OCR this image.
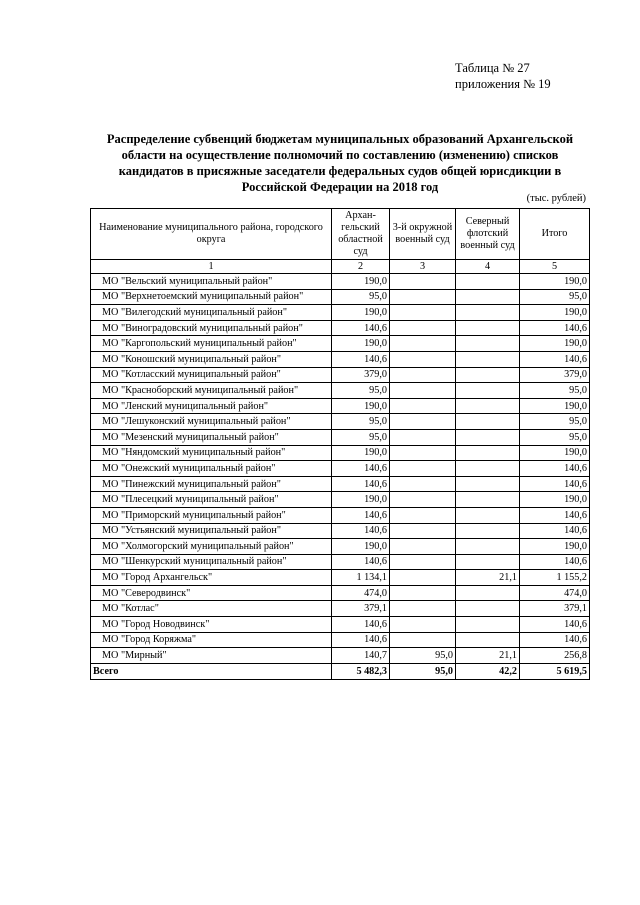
Таблица № 27
приложения № 19
Распределение субвенций бюджетам муниципальных образований Архангельской области на осуществление полномочий по составлению (изменению) списков кандидатов в присяжные заседатели федеральных судов общей юрисдикции в Российской Федерации на 2018 год
(тыс. рублей)
Наименование муниципального района, городского округа	Архан-гельский областной суд	3-й окружной военный суд	Северный флотский военный суд	Итого
1	2	3	4	5
МО "Вельский муниципальный район"	190,0			190,0
МО "Верхнетоемский муниципальный район"	95,0			95,0
МО "Вилегодский муниципальный район"	190,0			190,0
МО "Виноградовский муниципальный район"	140,6			140,6
МО "Каргопольский муниципальный район"	190,0			190,0
МО "Коношский муниципальный район"	140,6			140,6
МО "Котласский муниципальный район"	379,0			379,0
МО "Красноборский муниципальный район"	95,0			95,0
МО "Ленский муниципальный район"	190,0			190,0
МО "Лешуконский муниципальный район"	95,0			95,0
МО "Мезенский муниципальный район"	95,0			95,0
МО "Няндомский муниципальный район"	190,0			190,0
МО "Онежский муниципальный район"	140,6			140,6
МО "Пинежский муниципальный район"	140,6			140,6
МО "Плесецкий муниципальный район"	190,0			190,0
МО "Приморский муниципальный район"	140,6			140,6
МО "Устьянский муниципальный район"	140,6			140,6
МО "Холмогорский муниципальный район"	190,0			190,0
МО "Шенкурский муниципальный район"	140,6			140,6
МО "Город Архангельск"	1 134,1		21,1	1 155,2
МО "Северодвинск"	474,0			474,0
МО "Котлас"	379,1			379,1
МО "Город Новодвинск"	140,6			140,6
МО "Город Коряжма"	140,6			140,6
МО "Мирный"	140,7	95,0	21,1	256,8
Всего	5 482,3	95,0	42,2	5 619,5
